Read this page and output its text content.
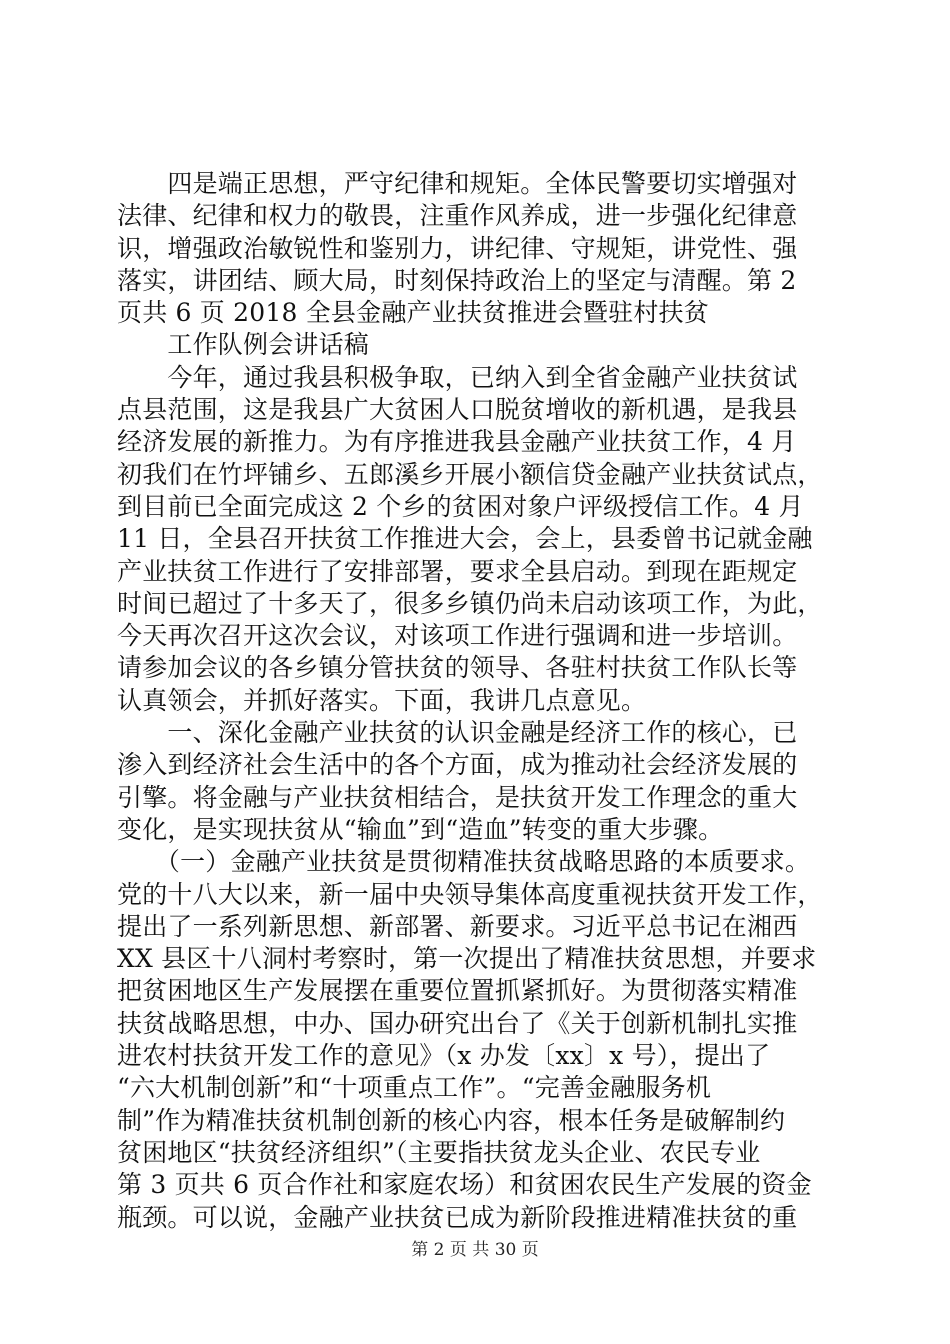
　　四是端正思想，严守纪律和规矩。全体民警要切实增强对
法律、纪律和权力的敬畏，注重作风养成，进一步强化纪律意
识，增强政治敏锐性和鉴别力，讲纪律、守规矩，讲党性、强
落实，讲团结、顾大局，时刻保持政治上的坚定与清醒。第 2
页共 6 页 2018 全县金融产业扶贫推进会暨驻村扶贫
　　工作队例会讲话稿
　　今年，通过我县积极争取，已纳入到全省金融产业扶贫试
点县范围，这是我县广大贫困人口脱贫增收的新机遇，是我县
经济发展的新推力。为有序推进我县金融产业扶贫工作，4 月
初我们在竹坪铺乡、五郎溪乡开展小额信贷金融产业扶贫试点，
到目前已全面完成这 2 个乡的贫困对象户评级授信工作。4 月
11 日，全县召开扶贫工作推进大会，会上，县委曾书记就金融
产业扶贫工作进行了安排部署，要求全县启动。到现在距规定
时间已超过了十多天了，很多乡镇仍尚未启动该项工作，为此，
今天再次召开这次会议，对该项工作进行强调和进一步培训。
请参加会议的各乡镇分管扶贫的领导、各驻村扶贫工作队长等
认真领会，并抓好落实。下面，我讲几点意见。
　　一、深化金融产业扶贫的认识金融是经济工作的核心，已
渗入到经济社会生活中的各个方面，成为推动社会经济发展的
引擎。将金融与产业扶贫相结合，是扶贫开发工作理念的重大
变化，是实现扶贫从“输血”到“造血”转变的重大步骤。
　　（一）金融产业扶贫是贯彻精准扶贫战略思路的本质要求。
党的十八大以来，新一届中央领导集体高度重视扶贫开发工作，
提出了一系列新思想、新部署、新要求。习近平总书记在湘西
XX 县区十八洞村考察时，第一次提出了精准扶贫思想，并要求
把贫困地区生产发展摆在重要位置抓紧抓好。为贯彻落实精准
扶贫战略思想，中办、国办研究出台了《关于创新机制扎实推
进农村扶贫开发工作的意见》（x 办发〔xx〕x 号），提出了
“六大机制创新”和“十项重点工作”。“完善金融服务机
制”作为精准扶贫机制创新的核心内容，根本任务是破解制约
贫困地区“扶贫经济组织”（主要指扶贫龙头企业、农民专业
第 3 页共 6 页合作社和家庭农场）和贫困农民生产发展的资金
瓶颈。可以说，金融产业扶贫已成为新阶段推进精准扶贫的重
第 2 页 共 30 页
